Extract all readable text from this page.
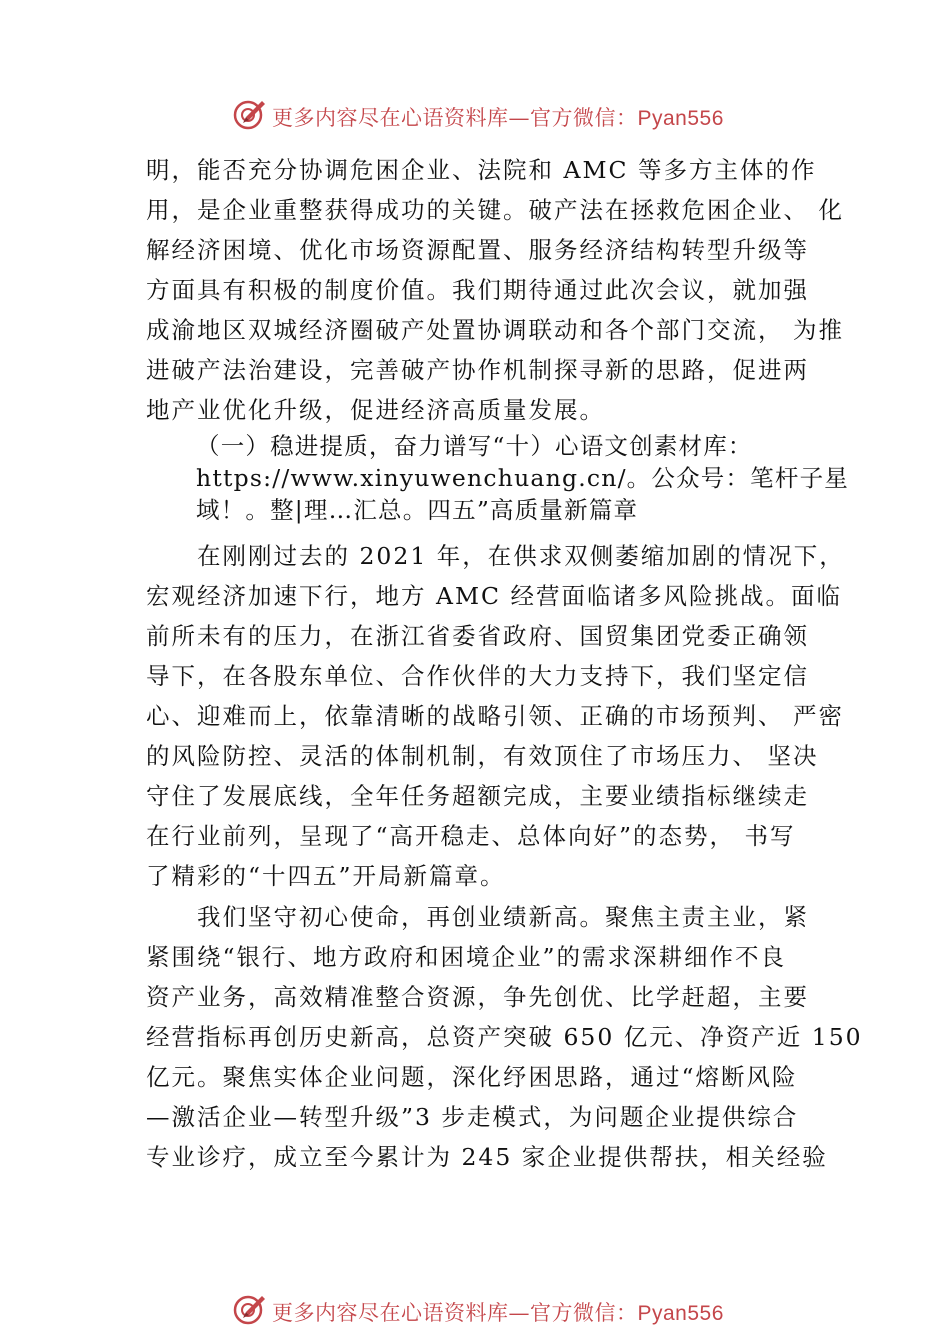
更多内容尽在心语资料库—官方微信：Pyan556
明，能否充分协调危困企业、法院和 AMC 等多方主体的作
用，是企业重整获得成功的关键。破产法在拯救危困企业、 化
解经济困境、优化市场资源配置、服务经济结构转型升级等
方面具有积极的制度价值。我们期待通过此次会议，就加强
成渝地区双城经济圈破产处置协调联动和各个部门交流， 为推
进破产法治建设，完善破产协作机制探寻新的思路，促进两
地产业优化升级，促进经济高质量发展。
（一）稳进提质，奋力谱写“十）心语文创素材库：
https://www.xinyuwenchuang.cn/。公众号：笔杆子星
域！。整|理…汇总。四五”高质量新篇章
　　在刚刚过去的 2021 年，在供求双侧萎缩加剧的情况下，
宏观经济加速下行，地方 AMC 经营面临诸多风险挑战。面临
前所未有的压力，在浙江省委省政府、国贸集团党委正确领
导下，在各股东单位、合作伙伴的大力支持下，我们坚定信
心、迎难而上，依靠清晰的战略引领、正确的市场预判、 严密
的风险防控、灵活的体制机制，有效顶住了市场压力、 坚决
守住了发展底线，全年任务超额完成，主要业绩指标继续走
在行业前列，呈现了“高开稳走、总体向好”的态势， 书写
了精彩的“十四五”开局新篇章。
　　我们坚守初心使命，再创业绩新高。聚焦主责主业，紧
紧围绕“银行、地方政府和困境企业”的需求深耕细作不良
资产业务，高效精准整合资源，争先创优、比学赶超，主要
经营指标再创历史新高，总资产突破 650 亿元、净资产近 150
亿元。聚焦实体企业问题，深化纾困思路，通过“熔断风险
—激活企业—转型升级”3 步走模式，为问题企业提供综合
专业诊疗，成立至今累计为 245 家企业提供帮扶，相关经验
更多内容尽在心语资料库—官方微信：Pyan556
